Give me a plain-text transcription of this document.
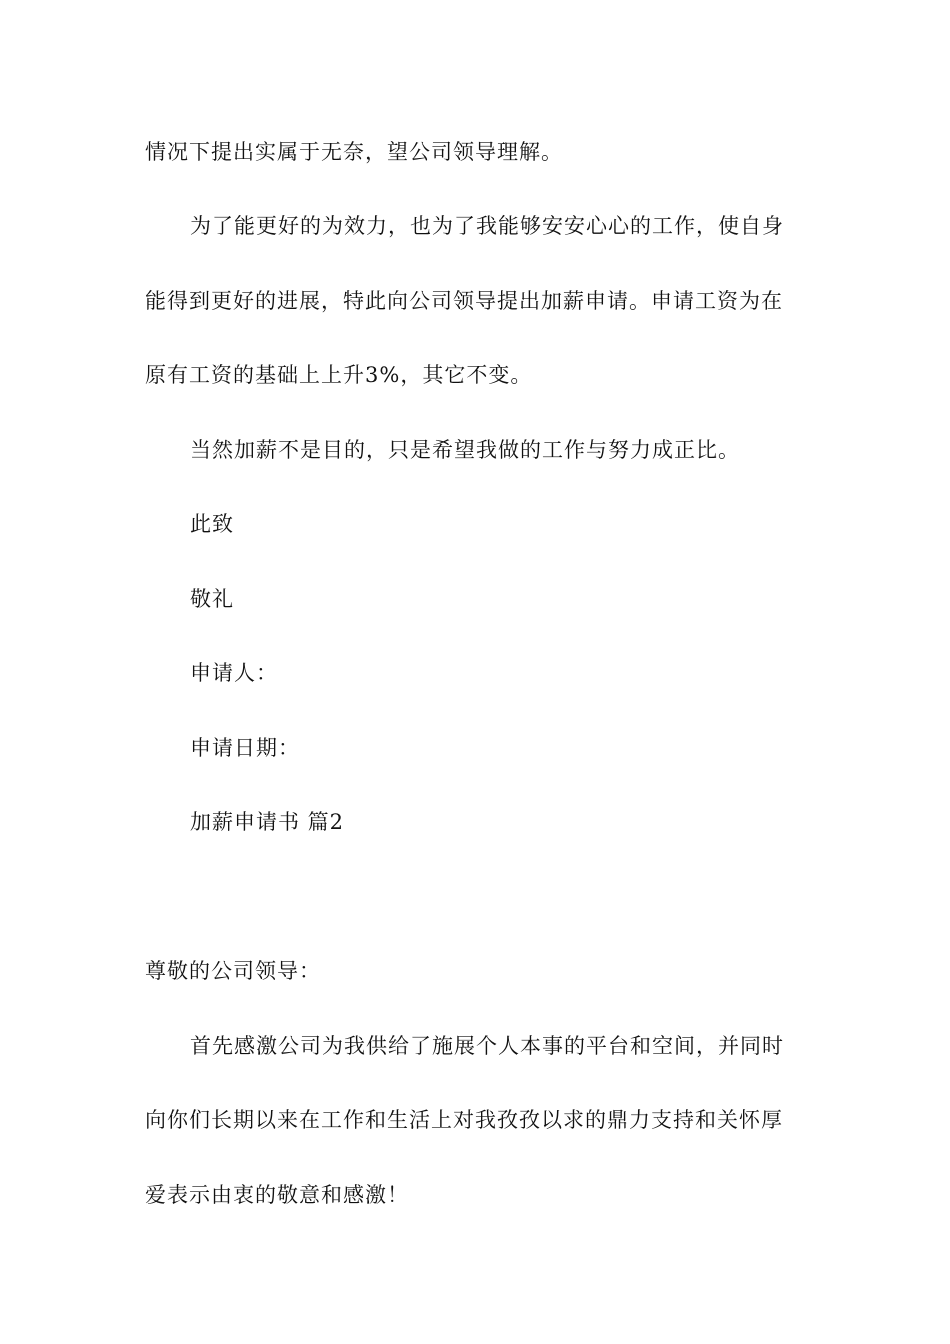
情况下提出实属于无奈，望公司领导理解。
为了能更好的为效力，也为了我能够安安心心的工作，使自身
能得到更好的进展，特此向公司领导提出加薪申请。申请工资为在
原有工资的基础上上升3%，其它不变。
当然加薪不是目的，只是希望我做的工作与努力成正比。
此致
敬礼
申请人：
申请日期：
加薪申请书 篇2
尊敬的公司领导：
首先感激公司为我供给了施展个人本事的平台和空间，并同时
向你们长期以来在工作和生活上对我孜孜以求的鼎力支持和关怀厚
爱表示由衷的敬意和感激！
